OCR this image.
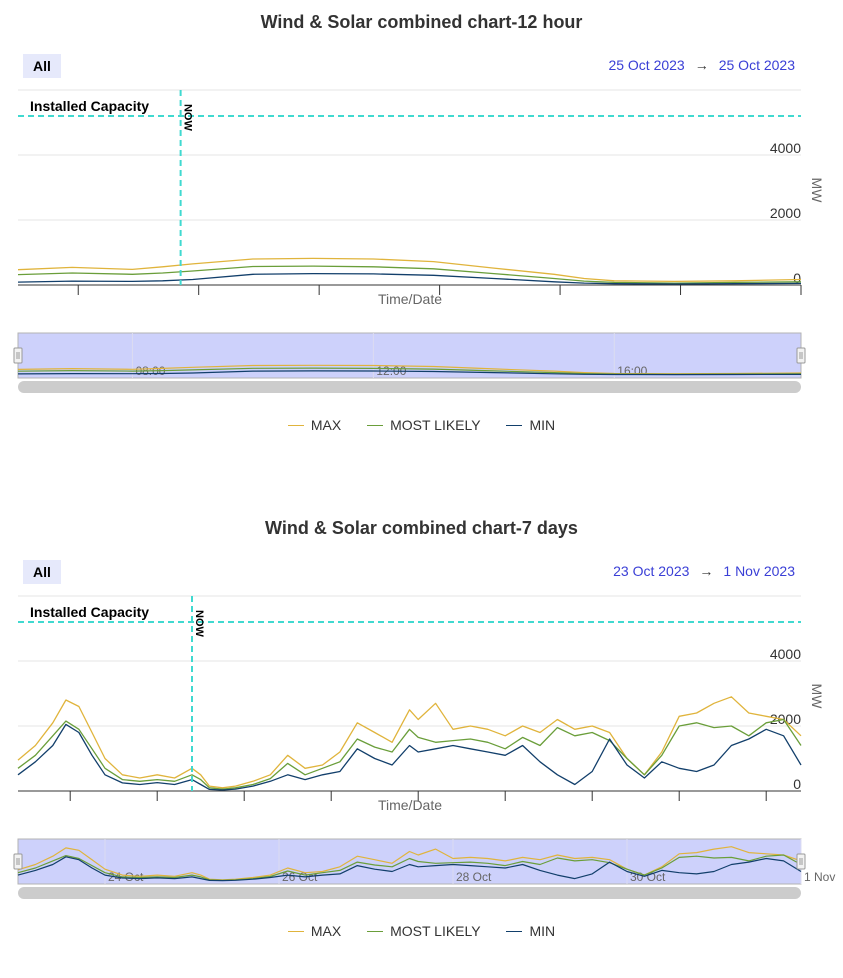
Wind & Solar combined chart-12 hour
All	25 Oct 2023 → 25 Oct 2023
0
2000
4000
MW
Time/Date
Installed Capacity	NOW
08:00	12:00	16:00
MAX
	MOST LIKELY
	MIN
Wind & Solar combined chart-7 days
All	23 Oct 2023 → 1 Nov 2023
0
2000
4000
MW
Time/Date
Installed Capacity	NOW
24 Oct	26 Oct	28 Oct	30 Oct	1 Nov
MAX
	MOST LIKELY
	MIN
